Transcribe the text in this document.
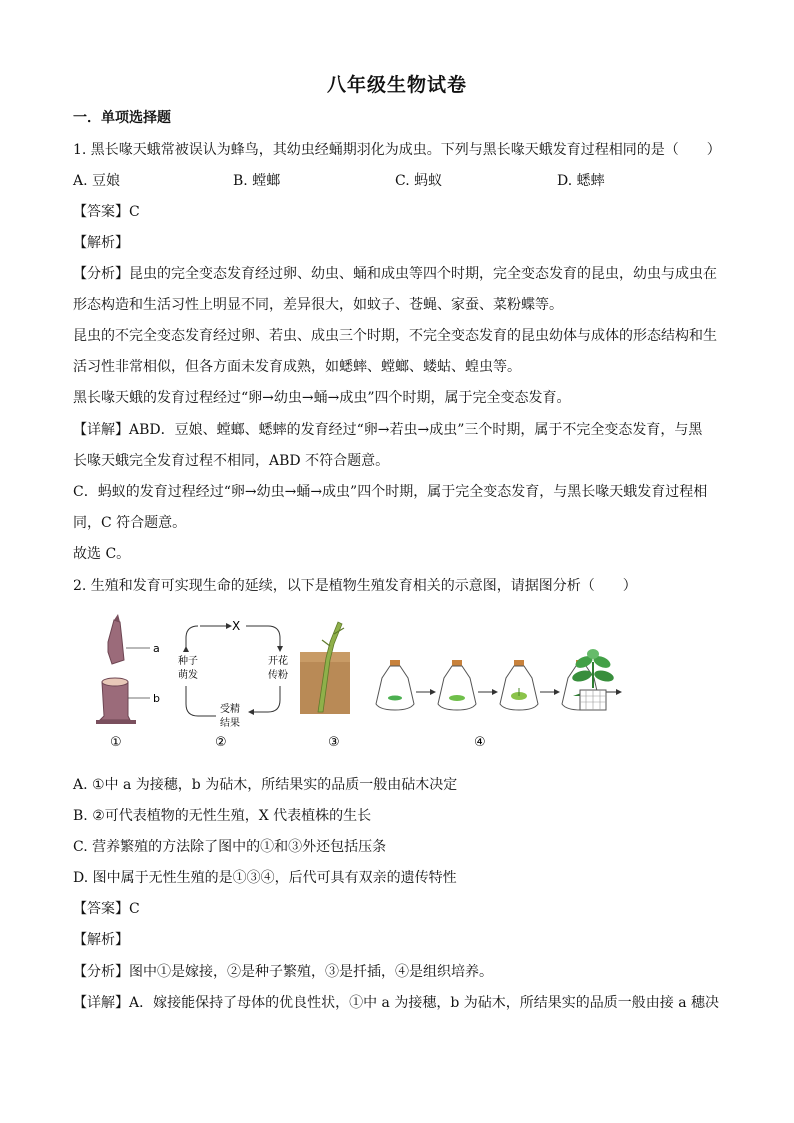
八年级生物试卷
一．单项选择题
1. 黑长喙天蛾常被误认为蜂鸟，其幼虫经蛹期羽化为成虫。下列与黑长喙天蛾发育过程相同的是（　　）
A. 豆娘	B. 螳螂	C. 蚂蚁	D. 蟋蟀
【答案】C
【解析】
【分析】昆虫的完全变态发育经过卵、幼虫、蛹和成虫等四个时期，完全变态发育的昆虫，幼虫与成虫在
形态构造和生活习性上明显不同，差异很大，如蚊子、苍蝇、家蚕、菜粉蝶等。
昆虫的不完全变态发育经过卵、若虫、成虫三个时期，不完全变态发育的昆虫幼体与成体的形态结构和生
活习性非常相似，但各方面未发育成熟，如蟋蟀、螳螂、蝼蛄、蝗虫等。
黑长喙天蛾的发育过程经过“卵→幼虫→蛹→成虫”四个时期，属于完全变态发育。
【详解】ABD．豆娘、螳螂、蟋蟀的发育经过“卵→若虫→成虫”三个时期，属于不完全变态发育，与黑
长喙天蛾完全发育过程不相同，ABD 不符合题意。
C．蚂蚁的发育过程经过“卵→幼虫→蛹→成虫”四个时期，属于完全变态发育，与黑长喙天蛾发育过程相
同，C 符合题意。
故选 C。
2. 生殖和发育可实现生命的延续，以下是植物生殖发育相关的示意图，请据图分析（　　）
a
b
X
种子
萌发
开花
传粉
受精
结果
①	②	③	④
A. ①中 a 为接穗，b 为砧木，所结果实的品质一般由砧木决定
B. ②可代表植物的无性生殖，X 代表植株的生长
C. 营养繁殖的方法除了图中的①和③外还包括压条
D. 图中属于无性生殖的是①③④，后代可具有双亲的遗传特性
【答案】C
【解析】
【分析】图中①是嫁接，②是种子繁殖，③是扦插，④是组织培养。
【详解】A．嫁接能保持了母体的优良性状，①中 a 为接穗，b 为砧木，所结果实的品质一般由接 a 穗决
